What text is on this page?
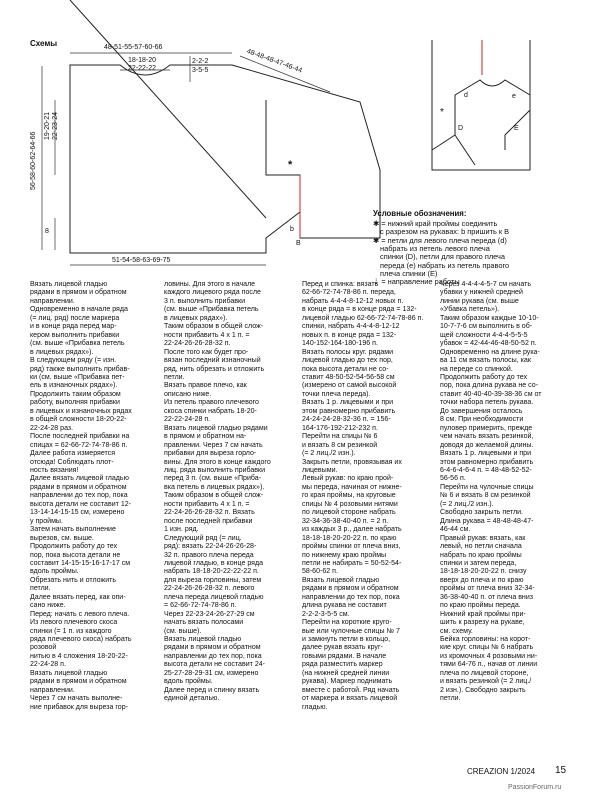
Схемы	48-51-55-57-60-66
18-18-20
22-22-22
2-2-2
3-5-5	48-48-48-47-46-44
56-58-60-62-64-66
19-20-21 22-23-24
8
51-54-58-63-69-75
*
b
B
d	e
D	E
*
Условные обозначения:
✱ = нижний край проймы соединить
с разрезом на рукавах: b пришить к B
✱ = петли для левого плеча переда (d)
набрать из петель левого плеча
спинки (D), петли для правого плеча
переда (e) набрать из петель правого
плеча спинки (E)
⇣ = направление работы

Вязать лицевой гладью

рядами в прямом и обратном

направлении.

Одновременно в начале ряда

(= лиц. ряд) после маркера

и в конце ряда перед мар-

кером выполнить прибавки

(см. выше «Прибавка петель

в лицевых рядах»).

В следующем ряду (= изн.

ряд) также выполнить прибав-

ки (см. выше «Прибавка пет-

ель в изнаночных рядах»).

Продолжить таким образом

работу, выполняя прибавки

в лицевых и изнаночных рядах

в общей сложности 18-20-22-

22-24-28 раз.

После последней прибавки на

спицах = 62-66-72-74-78-86 п.

Далее работа измеряется

отсюда! Соблюдать плот-

ность вязания!

Далее вязать лицевой гладью

рядами в прямом и обратном

направлении до тех пор, пока

высота детали не составит 12-

13-14-14-15-15 см, измерено

у проймы.

Затем начать выполнение

вырезов, см. выше.

Продолжить работу до тех

пор, пока высота детали не

составит 14-15-15-16-17-17 см

вдоль проймы.

Обрезать нить и отложить

петли.

Далее вязать перед, как опи-

сано ниже.

Перед: начать с левого плеча.

Из левого плечевого скоса

спинки (= 1 п. из каждого

ряда плечевого скоса) набрать розовой

нитью в 4 сложения 18-20-22-

22-24-28 п.

Вязать лицевой гладью

рядами в прямом и обратном

направлении.

Через 7 см начать выполне-

ние прибавок для выреза гор-

ловины. Для этого в начале

каждого лицевого ряда после

3 п. выполнить прибавки

(см. выше «Прибавка петель

в лицевых рядах»).

Таким образом в общей слож-

ности прибавить 4 х 1 п. =

22-24-26-26-28-32 п.

После того как будет про-

вязан последний изнаночный

ряд, нить обрезать и отложить

петли.

Вязать правое плечо, как

описано ниже.

Из петель правого плечевого

скоса спинки набрать 18-20-

22-22-24-28 п.

Вязать лицевой гладью рядами

в прямом и обратном на-

правлении. Через 7 см начать

прибавки для выреза горло-

вины. Для этого в конце каждого

лиц. ряда выполнить прибавки

перед 3 п. (см. выше «Приба-

вка петель в лицевых рядах»).

Таким образом в общей слож-

ности прибавить 4 х 1 п. =

22-24-26-26-28-32 п. Вязать

после последней прибавки

1 изн. ряд.

Следующий ряд (= лиц.

ряд): вязать 22-24-26-26-28-

32 п. правого плеча переда

лицевой гладью, в конце ряда

набрать 18-18-20-22-22-22 п.

для выреза горловины, затем

22-24-26-26-28-32 п. левого

плеча переда лицевой гладью

= 62-66-72-74-78-86 п.

Через 22-23-24-26-27-29 см

начать вязать полосами

(см. выше).

Вязать лицевой гладью

рядами в прямом и обратном

направлении до тех пор, пока

высота детали не составит 24-

25-27-28-29-31 см, измерено

вдоль проймы.

Далее перед и спинку вязать

единой деталью.

Перед и спинка: вязать

62-66-72-74-78-86 п. переда,

набрать 4-4-4-8-12-12 новых п.

в конце ряда = в конце ряда = 132-

лицевой гладью 62-66-72-74-78-86 п.

спинки, набрать 4-4-4-8-12-12

новых п. в конце ряда = 132-

140-152-164-180-196 п.

Вязать полосы круг. рядами

лицевой гладью до тех пор,

пока высота детали не со-

ставит 48-50-52-54-56-58 см

(измерено от самой высокой

точки плеча переда).

Вязать 1 р. лицевыми и при

этом равномерно прибавить

24-24-24-28-32-36 п. = 156-

164-176-192-212-232 п.

Перейти на спицы № 6

и вязать 8 см резинкой

(= 2 лиц./2 изн.).

Закрыть петли, провязывая их

лицевыми.

Левый рукав: по краю прой-

мы переда, начиная от нижне-

го края проймы, на круговые

спицы № 4 розовыми нитями

по лицевой стороне набрать

32-34-36-38-40-40 п. = 2 п.

из каждых 3 р., далее набрать

18-18-18-20-20-22 п. по краю

проймы спинки от плеча вниз,

по нижнему краю проймы

петли не набирать = 50-52-54-

58-60-62 п.

Вязать лицевой гладью

рядами в прямом и обратном

направлении до тех пор, пока

длина рукава не составит

2-2-2-3-5-5 см.

Перейти на короткие круго-

вые или чулочные спицы № 7

и замкнуть петли в кольцо,

далее рукав вязать круг-

говыми рядами. В начале

ряда разместить маркер

(на нижней средней линии

рукава). Маркер поднимать

вместе с работой. Ряд начать

от маркера и вязать лицевой

гладью.

Через 4-4-4-4-5-7 см начать

убавки у нижней средней

линии рукава (см. выше

«Убавка петель»).

Таким образом каждые 10-10-

10-7-7-6 см выполнить в об-

щей сложности 4-4-4-5-5-5

убавок = 42-44-46-48-50-52 п.

Одновременно на длине рука-

ва 11 см вязать полосы, как

на переде со спинкой.

Продолжить работу до тех

пор, пока длина рукава не со-

ставит 40-40-40-39-38-36 см от

точки набора петель рукава.

До завершения осталось

8 см. При необходимости

пуловер примерить, прежде

чем начать вязать резинкой,

доводя до желаемой длины.

Вязать 1 р. лицевыми и при

этом равномерно прибавить

6-4-6-4-6-4 п. = 48-48-52-52-

56-56 п.

Перейти на чулочные спицы

№ 6 и вязать 8 см резинкой

(= 2 лиц./2 изн.).

Свободно закрыть петли.

Длина рукава = 48-48-48-47-

46-44 см.

Правый рукав: вязать, как

левый, но петли сначала

набрать по краю проймы

спинки и затем переда,

18-18-18-20-20-22 п. снизу

вверх до плеча и по краю

проймы от плеча вниз 32-34-

36-38-40-40 п. от плеча вниз

по краю проймы переда.

Нижний край проймы при-

шить к разрезу на рукаве,

см. схему.

Бейка горловины: на корот-

кие круг. спицы № 6 набрать

из кромочных 4 розовыми ни-

тями 64-76 п., начав от линии

плеча по лицевой стороне,

и вязать резинкой (= 2 лиц./

2 изн.). Свободно закрыть

петли.

CREAZION 1/2024 15
PassionForum.ru
